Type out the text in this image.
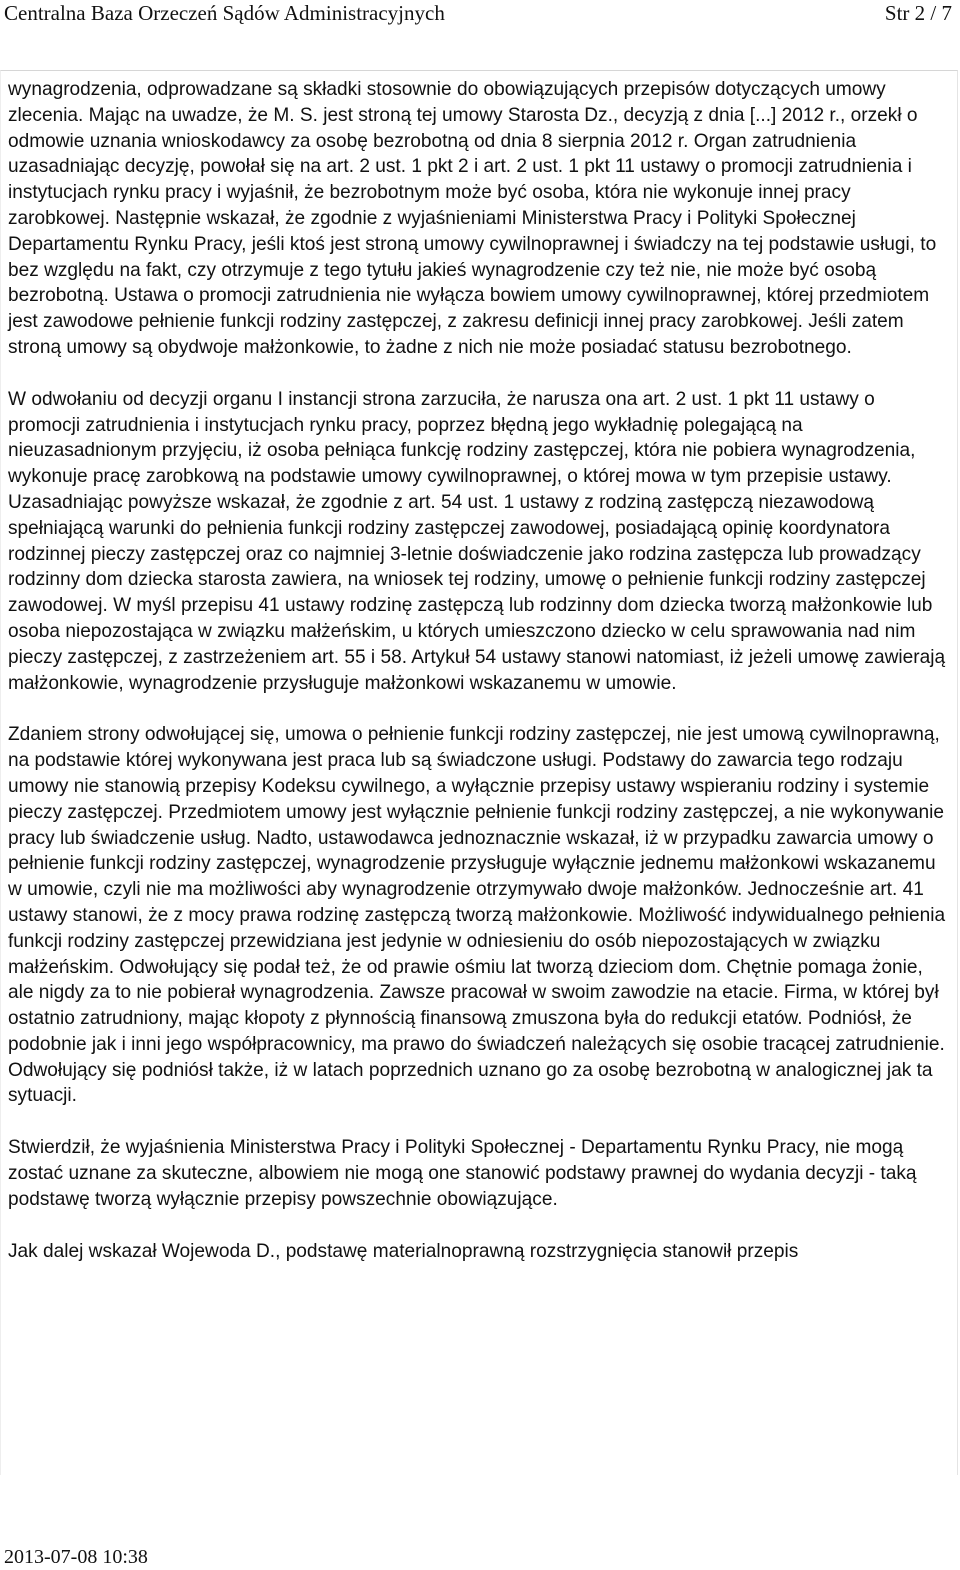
Centralna Baza Orzeczeń Sądów Administracyjnych	Str 2 / 7

wynagrodzenia, odprowadzane są składki stosownie do obowiązujących przepisów dotyczących umowy zlecenia. Mając na uwadze, że M. S. jest stroną tej umowy Starosta Dz., decyzją z dnia [...] 2012 r., orzekł o odmowie uznania wnioskodawcy za osobę bezrobotną od dnia 8 sierpnia 2012 r. Organ zatrudnienia uzasadniając decyzję, powołał się na art. 2 ust. 1 pkt 2 i art. 2 ust. 1 pkt 11 ustawy o promocji zatrudnienia i instytucjach rynku pracy i wyjaśnił, że bezrobotnym może być osoba, która nie wykonuje innej pracy zarobkowej. Następnie wskazał, że zgodnie z wyjaśnieniami Ministerstwa Pracy i Polityki Społecznej Departamentu Rynku Pracy, jeśli ktoś jest stroną umowy cywilnoprawnej i świadczy na tej podstawie usługi, to bez względu na fakt, czy otrzymuje z tego tytułu jakieś wynagrodzenie czy też nie, nie może być osobą bezrobotną. Ustawa o promocji zatrudnienia nie wyłącza bowiem umowy cywilnoprawnej, której przedmiotem jest zawodowe pełnienie funkcji rodziny zastępczej, z zakresu definicji innej pracy zarobkowej. Jeśli zatem stroną umowy są obydwoje małżonkowie, to żadne z nich nie może posiadać statusu bezrobotnego.

W odwołaniu od decyzji organu I instancji strona zarzuciła, że narusza ona art. 2 ust. 1 pkt 11 ustawy o promocji zatrudnienia i instytucjach rynku pracy, poprzez błędną jego wykładnię polegającą na nieuzasadnionym przyjęciu, iż osoba pełniąca funkcję rodziny zastępczej, która nie pobiera wynagrodzenia, wykonuje pracę zarobkową na podstawie umowy cywilnoprawnej, o której mowa w tym przepisie ustawy. Uzasadniając powyższe wskazał, że zgodnie z art. 54 ust. 1 ustawy z rodziną zastępczą niezawodową spełniającą warunki do pełnienia funkcji rodziny zastępczej zawodowej, posiadającą opinię koordynatora rodzinnej pieczy zastępczej oraz co najmniej 3-letnie doświadczenie jako rodzina zastępcza lub prowadzący rodzinny dom dziecka starosta zawiera, na wniosek tej rodziny, umowę o pełnienie funkcji rodziny zastępczej zawodowej. W myśl przepisu 41 ustawy rodzinę zastępczą lub rodzinny dom dziecka tworzą małżonkowie lub osoba niepozostająca w związku małżeńskim, u których umieszczono dziecko w celu sprawowania nad nim pieczy zastępczej, z zastrzeżeniem art. 55 i 58. Artykuł 54 ustawy stanowi natomiast, iż jeżeli umowę zawierają małżonkowie, wynagrodzenie przysługuje małżonkowi wskazanemu w umowie.

Zdaniem strony odwołującej się, umowa o pełnienie funkcji rodziny zastępczej, nie jest umową cywilnoprawną, na podstawie której wykonywana jest praca lub są świadczone usługi. Podstawy do zawarcia tego rodzaju umowy nie stanowią przepisy Kodeksu cywilnego, a wyłącznie przepisy ustawy wspieraniu rodziny i systemie pieczy zastępczej. Przedmiotem umowy jest wyłącznie pełnienie funkcji rodziny zastępczej, a nie wykonywanie pracy lub świadczenie usług. Nadto, ustawodawca jednoznacznie wskazał, iż w przypadku zawarcia umowy o pełnienie funkcji rodziny zastępczej, wynagrodzenie przysługuje wyłącznie jednemu małżonkowi wskazanemu w umowie, czyli nie ma możliwości aby wynagrodzenie otrzymywało dwoje małżonków. Jednocześnie art. 41 ustawy stanowi, że z mocy prawa rodzinę zastępczą tworzą małżonkowie. Możliwość indywidualnego pełnienia funkcji rodziny zastępczej przewidziana jest jedynie w odniesieniu do osób niepozostających w związku małżeńskim. Odwołujący się podał też, że od prawie ośmiu lat tworzą dzieciom dom. Chętnie pomaga żonie, ale nigdy za to nie pobierał wynagrodzenia. Zawsze pracował w swoim zawodzie na etacie. Firma, w której był ostatnio zatrudniony, mając kłopoty z płynnością finansową zmuszona była do redukcji etatów. Podniósł, że podobnie jak i inni jego współpracownicy, ma prawo do świadczeń należących się osobie tracącej zatrudnienie. Odwołujący się podniósł także, iż w latach poprzednich uznano go za osobę bezrobotną w analogicznej jak ta sytuacji.

Stwierdził, że wyjaśnienia Ministerstwa Pracy i Polityki Społecznej - Departamentu Rynku Pracy, nie mogą zostać uznane za skuteczne, albowiem nie mogą one stanowić podstawy prawnej do wydania decyzji - taką podstawę tworzą wyłącznie przepisy powszechnie obowiązujące.

Jak dalej wskazał Wojewoda D., podstawę materialnoprawną rozstrzygnięcia stanowił przepis

2013-07-08 10:38
